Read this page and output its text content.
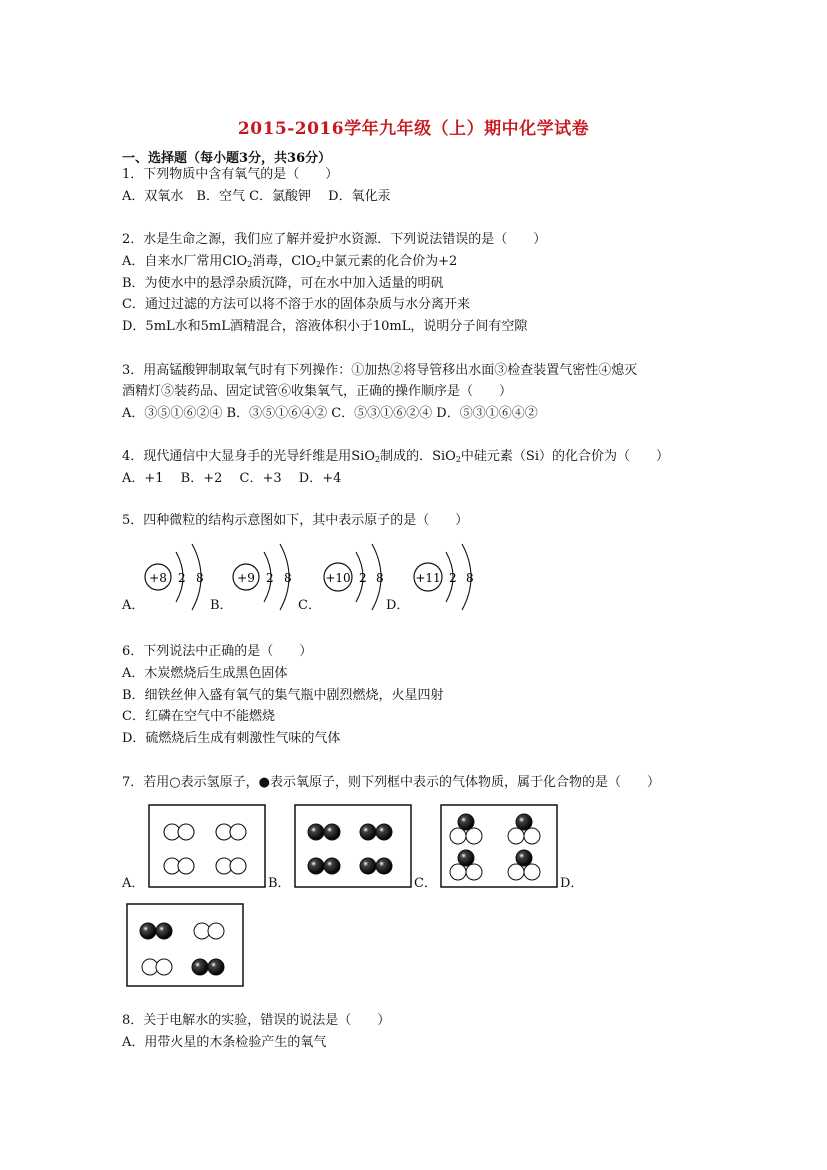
2015-2016学年九年级（上）期中化学试卷
一、选择题（每小题3分，共36分）
1．下列物质中含有氧气的是（　　）
A．双氧水　B．空气 C．氯酸钾　 D．氧化汞
2．水是生命之源，我们应了解并爱护水资源．下列说法错误的是（　　）
A．自来水厂常用ClO$_2$消毒，ClO$_2$中氯元素的化合价为+2
B．为使水中的悬浮杂质沉降，可在水中加入适量的明矾
C．通过过滤的方法可以将不溶于水的固体杂质与水分离开来
D．5mL水和5mL酒精混合，溶液体积小于10mL，说明分子间有空隙
3．用高锰酸钾制取氧气时有下列操作：①加热②将导管移出水面③检查装置气密性④熄灭
酒精灯⑤装药品、固定试管⑥收集氧气，正确的操作顺序是（　　）
A．③⑤①⑥②④ B．③⑤①⑥④② C．⑤③①⑥②④ D．⑤③①⑥④②
4．现代通信中大显身手的光导纤维是用SiO$_2$制成的．SiO$_2$中硅元素（Si）的化合价为（　　）
A．+1　 B．+2　 C．+3　 D．+4
5．四种微粒的结构示意图如下，其中表示原子的是（　　）
A．	B．	C．	D．
+8 2 8	+9 2 8	+10 2 8	+11 2 8
6．下列说法中正确的是（　　）
A．木炭燃烧后生成黑色固体
B．细铁丝伸入盛有氧气的集气瓶中剧烈燃烧，火星四射
C．红磷在空气中不能燃烧
D．硫燃烧后生成有刺激性气味的气体
7．若用○表示氢原子，●表示氧原子，则下列框中表示的气体物质，属于化合物的是（　　）
A．	B．	C．	D．
8．关于电解水的实验，错误的说法是（　　）
A．用带火星的木条检验产生的氧气
